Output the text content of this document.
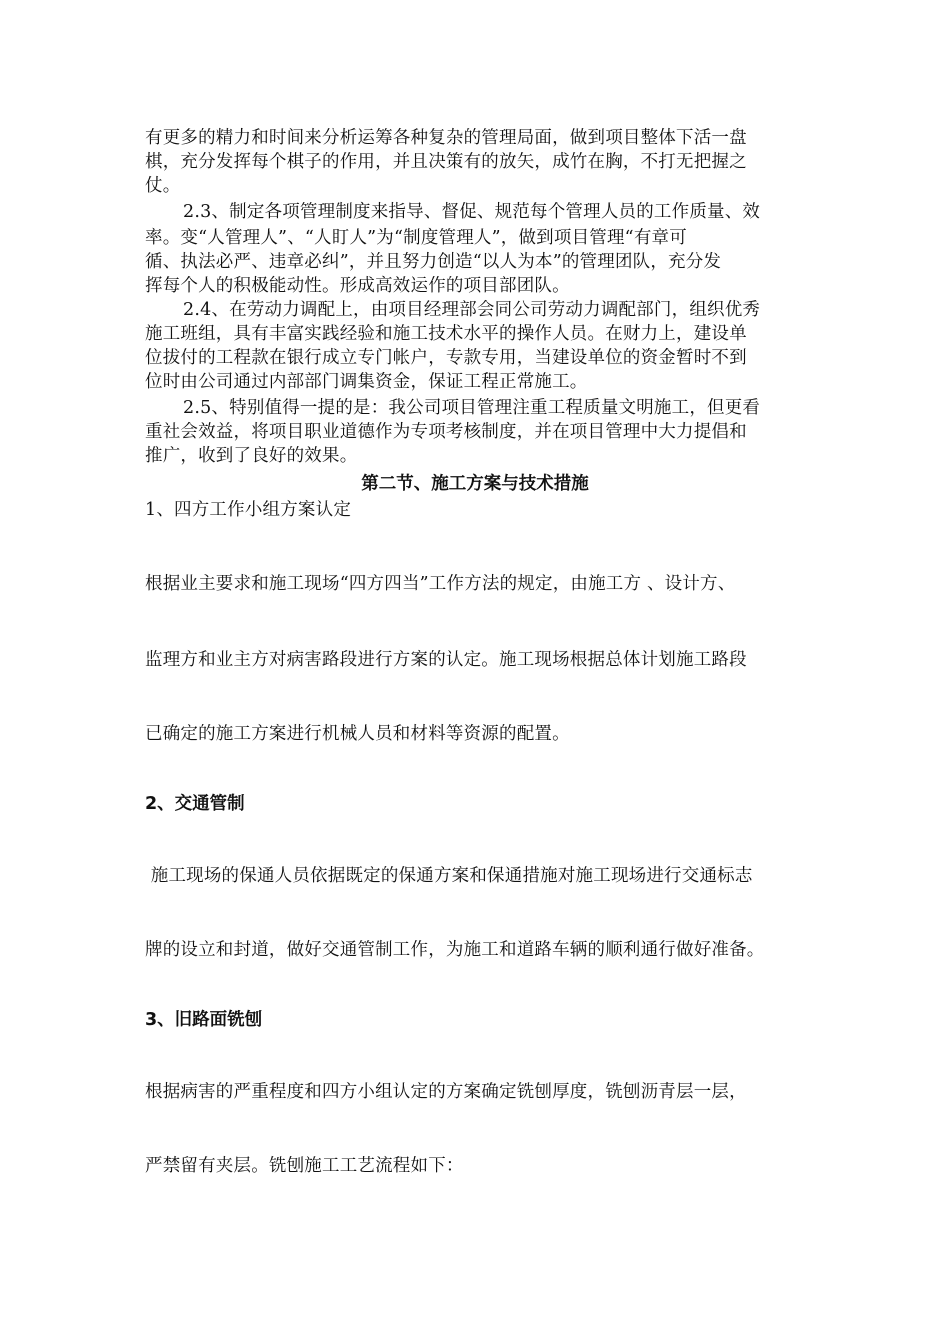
有更多的精力和时间来分析运筹各种复杂的管理局面，做到项目整体下活一盘
棋，充分发挥每个棋子的作用，并且决策有的放矢，成竹在胸，不打无把握之
仗。
2.3、制定各项管理制度来指导、督促、规范每个管理人员的工作质量、效
率。变“人管理人”、“人盯人”为“制度管理人”，做到项目管理“有章可
循、执法必严、违章必纠”，并且努力创造“以人为本”的管理团队，充分发
挥每个人的积极能动性。形成高效运作的项目部团队。
2.4、在劳动力调配上，由项目经理部会同公司劳动力调配部门，组织优秀
施工班组，具有丰富实践经验和施工技术水平的操作人员。在财力上，建设单
位拔付的工程款在银行成立专门帐户，专款专用，当建设单位的资金暂时不到
位时由公司通过内部部门调集资金，保证工程正常施工。
2.5、特别值得一提的是：我公司项目管理注重工程质量文明施工，但更看
重社会效益，将项目职业道德作为专项考核制度，并在项目管理中大力提倡和
推广，收到了良好的效果。
第二节、施工方案与技术措施
1、四方工作小组方案认定
根据业主要求和施工现场“四方四当”工作方法的规定，由施工方 、设计方、
监理方和业主方对病害路段进行方案的认定。施工现场根据总体计划施工路段
已确定的施工方案进行机械人员和材料等资源的配置。
2、交通管制
施工现场的保通人员依据既定的保通方案和保通措施对施工现场进行交通标志
牌的设立和封道，做好交通管制工作，为施工和道路车辆的顺利通行做好准备。
3、旧路面铣刨
根据病害的严重程度和四方小组认定的方案确定铣刨厚度，铣刨沥青层一层，
严禁留有夹层。铣刨施工工艺流程如下：
